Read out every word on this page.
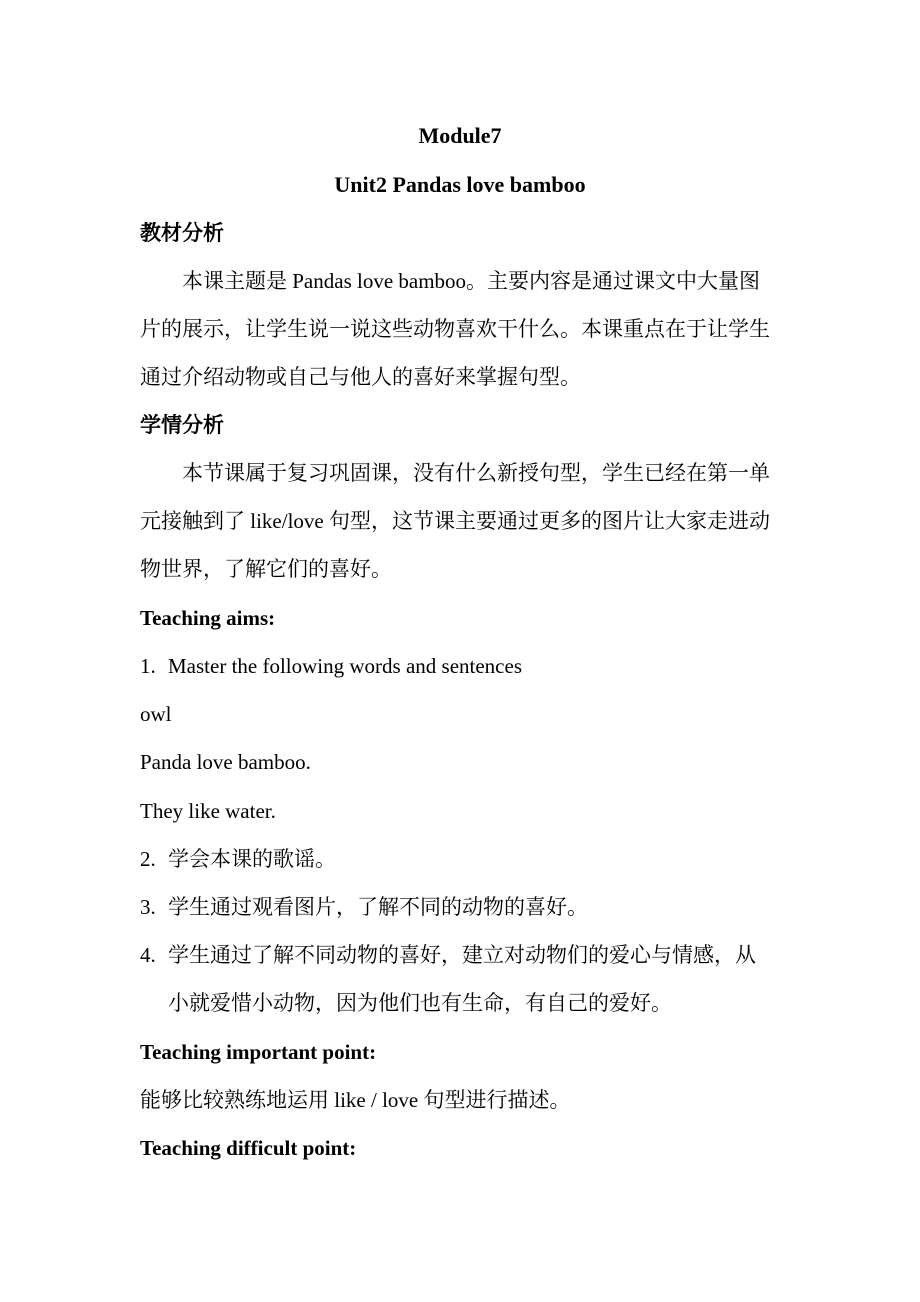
Module7
Unit2 Pandas love bamboo
教材分析
本课主题是 Pandas love bamboo。主要内容是通过课文中大量图
片的展示，让学生说一说这些动物喜欢干什么。本课重点在于让学生
通过介绍动物或自己与他人的喜好来掌握句型。
学情分析
本节课属于复习巩固课，没有什么新授句型，学生已经在第一单
元接触到了 like/love 句型，这节课主要通过更多的图片让大家走进动
物世界，了解它们的喜好。
Teaching aims:
1. Master the following words and sentences
owl
Panda love bamboo.
They like water.
2. 学会本课的歌谣。
3. 学生通过观看图片，了解不同的动物的喜好。
4. 学生通过了解不同动物的喜好，建立对动物们的爱心与情感，从
小就爱惜小动物，因为他们也有生命，有自己的爱好。
Teaching important point:
能够比较熟练地运用 like / love 句型进行描述。
Teaching difficult point:
